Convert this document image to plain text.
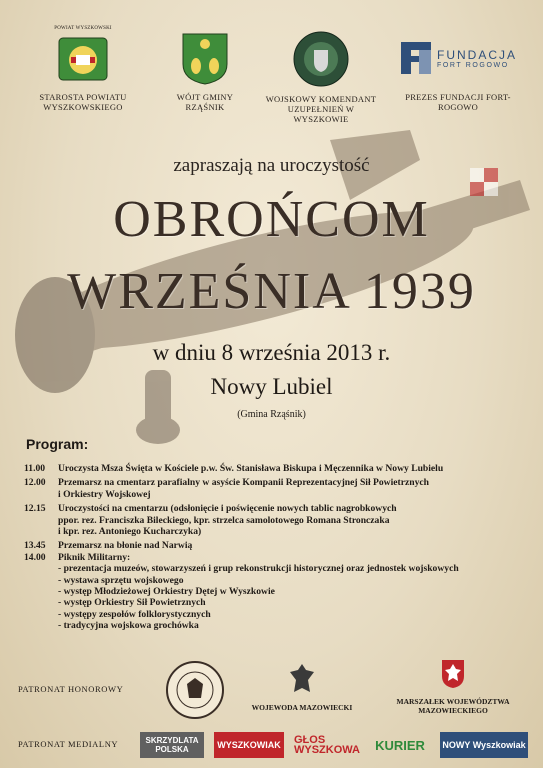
POWIAT WYSZKOWSKI
STAROSTA POWIATU WYSZKOWSKIEGO
WÓJT GMINY RZĄŚNIK
WOJSKOWY KOMENDANT UZUPEŁNIEŃ W WYSZKOWIE
FUNDACJA
FORT ROGOWO
PREZES FUNDACJI FORT-ROGOWO
zapraszają na uroczystość
OBROŃCOM
WRZEŚNIA 1939
w dniu 8 września 2013 r.
Nowy Lubiel
(Gmina Rząśnik)
Program:
11.00	Uroczysta Msza Święta w Kościele p.w. Św. Stanisława Biskupa i Męczennika w Nowy Lubielu
12.00	Przemarsz na cmentarz parafialny w asyście Kompanii Reprezentacyjnej Sił Powietrznych
i Orkiestry Wojskowej
12.15	Uroczystości na cmentarzu (odsłonięcie i poświęcenie nowych tablic nagrobkowych
ppor. rez. Franciszka Bileckiego, kpr. strzelca samolotowego Romana Stronczaka
i kpr. rez. Antoniego Kucharczyka)
13.45	Przemarsz na błonie nad Narwią
14.00	Piknik Militarny:
- prezentacja muzeów, stowarzyszeń i grup rekonstrukcji historycznej oraz jednostek wojskowych
- wystawa sprzętu wojskowego
- występ Młodzieżowej Orkiestry Dętej w Wyszkowie
- występ Orkiestry Sił Powietrznych
- występy zespołów folklorystycznych
- tradycyjna wojskowa grochówka
PATRONAT HONOROWY
WOJEWODA MAZOWIECKI
MARSZAŁEK WOJEWÓDZTWA MAZOWIECKIEGO
PATRONAT MEDIALNY	SKRZYDLATA POLSKA	WYSZKOWIAK GŁOS WYSZKOWA KURIER NOWY Wyszkowiak
